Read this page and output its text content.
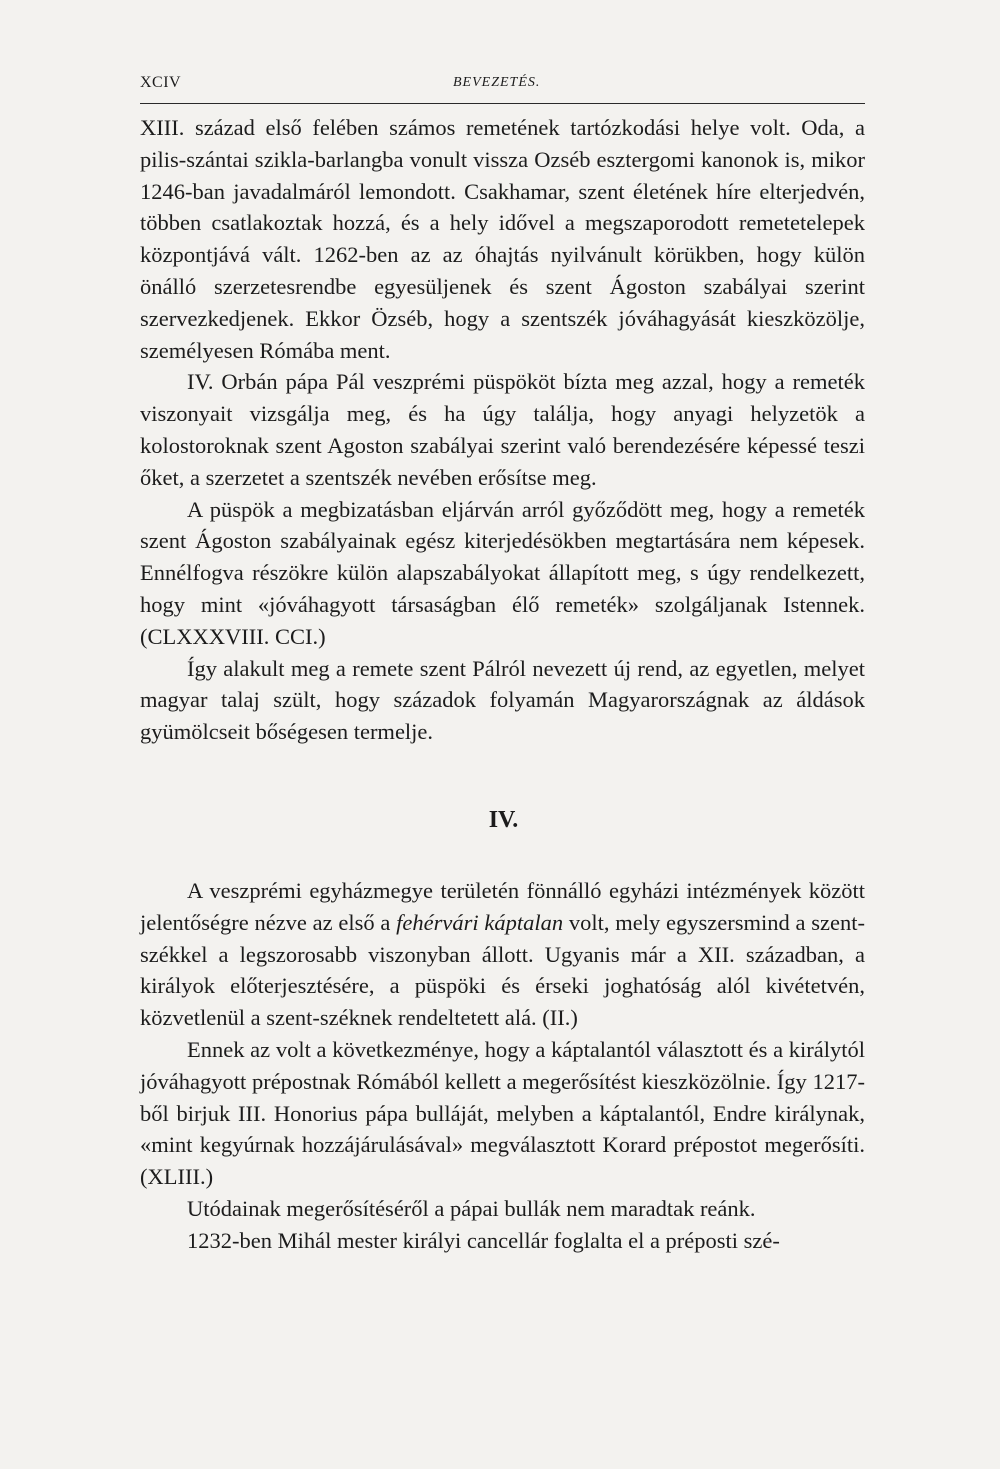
XCIV	BEVEZETÉS.

XIII. század első felében számos remetének tartózkodási helye volt. Oda, a pilis-szántai szikla-barlangba vonult vissza Ozséb esztergomi kanonok is, mikor 1246-ban javadalmáról lemondott. Csakhamar, szent életének híre elterjedvén, többen csatlakoztak hozzá, és a hely idővel a megszaporodott remetetelepek központjává vált. 1262-ben az az óhajtás nyilvánult körükben, hogy külön önálló szerzetesrendbe egyesüljenek és szent Ágoston szabályai szerint szervezkedjenek. Ekkor Özséb, hogy a szentszék jóváhagyását kieszközölje, személyesen Rómába ment.

IV. Orbán pápa Pál veszprémi püspököt bízta meg azzal, hogy a remeték viszonyait vizsgálja meg, és ha úgy találja, hogy anyagi helyzetök a kolostoroknak szent Agoston szabályai szerint való berendezésére képessé teszi őket, a szerzetet a szentszék nevében erősítse meg.

A püspök a megbizatásban eljárván arról győződött meg, hogy a remeték szent Ágoston szabályainak egész kiterjedésökben megtartására nem képesek. Ennélfogva részökre külön alapszabályokat állapított meg, s úgy rendelkezett, hogy mint «jóváhagyott társaságban élő remeték» szolgáljanak Istennek. (CLXXXVIII. CCI.)

Így alakult meg a remete szent Pálról nevezett új rend, az egyetlen, melyet magyar talaj szült, hogy századok folyamán Magyarországnak az áldások gyümölcseit bőségesen termelje.

IV.

A veszprémi egyházmegye területén fönnálló egyházi intézmények között jelentőségre nézve az első a fehérvári káptalan volt, mely egyszersmind a szent-székkel a legszorosabb viszonyban állott. Ugyanis már a XII. században, a királyok előterjesztésére, a püspöki és érseki joghatóság alól kivétetvén, közvetlenül a szent-széknek rendeltetett alá. (II.)

Ennek az volt a következménye, hogy a káptalantól választott és a királytól jóváhagyott prépostnak Rómából kellett a megerősítést kieszközölnie. Így 1217-ből birjuk III. Honorius pápa bulláját, melyben a káptalantól, Endre királynak, «mint kegyúrnak hozzájárulásával» megválasztott Korard prépostot megerősíti. (XLIII.)

Utódainak megerősítéséről a pápai bullák nem maradtak reánk.

1232-ben Mihál mester királyi cancellár foglalta el a préposti szé-
